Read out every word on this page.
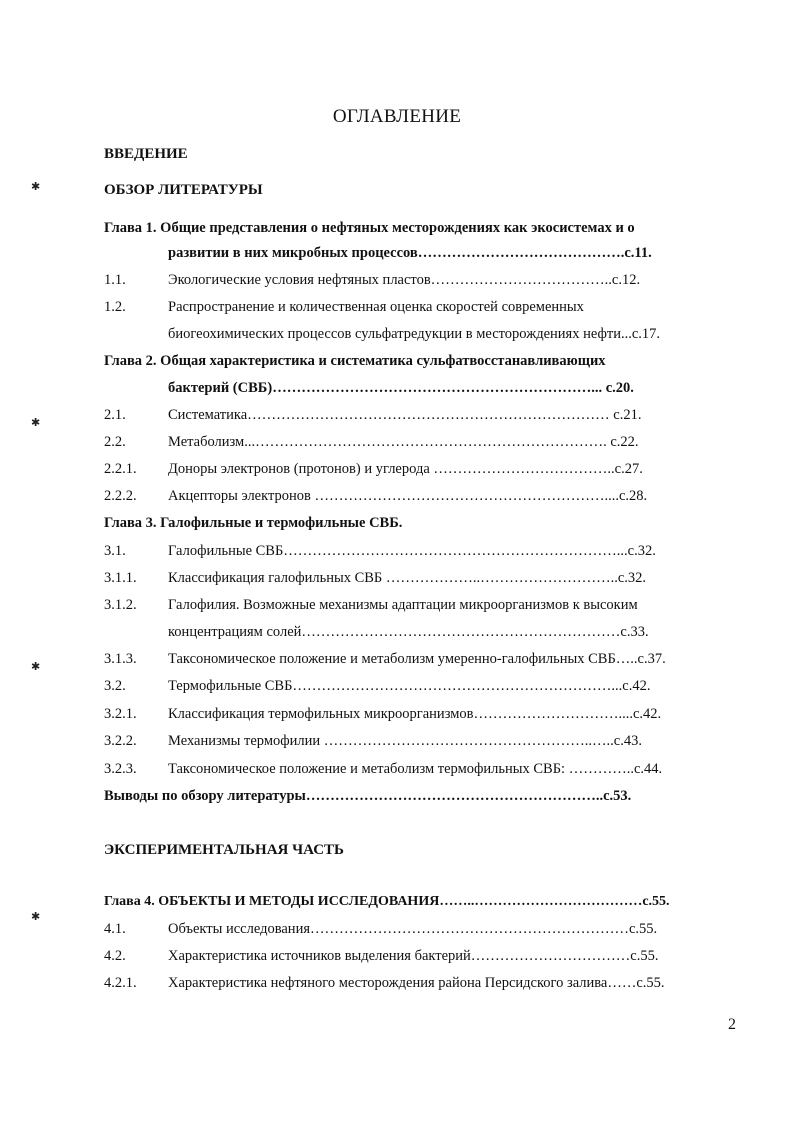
ОГЛАВЛЕНИЕ
ВВЕДЕНИЕ
ОБЗОР ЛИТЕРАТУРЫ
Глава 1. Общие представления о нефтяных месторождениях как экосистемах и о
развитии в них микробных процессов…………………………………….с.11.
1.1.	Экологические условия нефтяных пластов………………………………..с.12.
1.2.	Распространение и количественная оценка скоростей современных
биогеохимических процессов сульфатредукции в месторождениях нефти...с.17.
Глава 2. Общая характеристика и систематика сульфатвосстанавливающих
бактерий (СВБ)…………………………………………………………... с.20.
2.1.	Систематика………………………………………………………………… с.21.
2.2.	Метаболизм...………………………………………………………………. с.22.
2.2.1. Доноры электронов (протонов) и углерода ………………………………..с.27.
2.2.2. Акцепторы электронов ……………………………………………………....с.28.
Глава 3. Галофильные и термофильные СВБ.
3.1.	Галофильные СВБ……………………………………………………………...с.32.
3.1.1. Классификация галофильных СВБ ………………..………………………..с.32.
3.1.2. Галофилия. Возможные механизмы адаптации микроорганизмов к высоким
концентрациям солей…………………………………………………………с.33.
3.1.3. Таксономическое положение и метаболизм умеренно-галофильных СВБ…..с.37.
3.2.	Термофильные СВБ…………………………………………………………...с.42.
3.2.1. Классификация термофильных микроорганизмов…………………………....с.42.
3.2.2. Механизмы термофилии ………………………………………………..…..с.43.
3.2.3. Таксономическое положение и метаболизм термофильных СВБ: …………..с.44.
Выводы по обзору литературы……………………………………………………..с.53.
ЭКСПЕРИМЕНТАЛЬНАЯ ЧАСТЬ
Глава 4. ОБЪЕКТЫ И МЕТОДЫ ИССЛЕДОВАНИЯ……..………………………………с.55.
4.1.	Объекты исследования…………………………………………………………с.55.
4.2.	Характеристика источников выделения бактерий……………………………с.55.
4.2.1. Характеристика нефтяного месторождения района Персидского залива……с.55.
2
✱
✱
✱
✱
